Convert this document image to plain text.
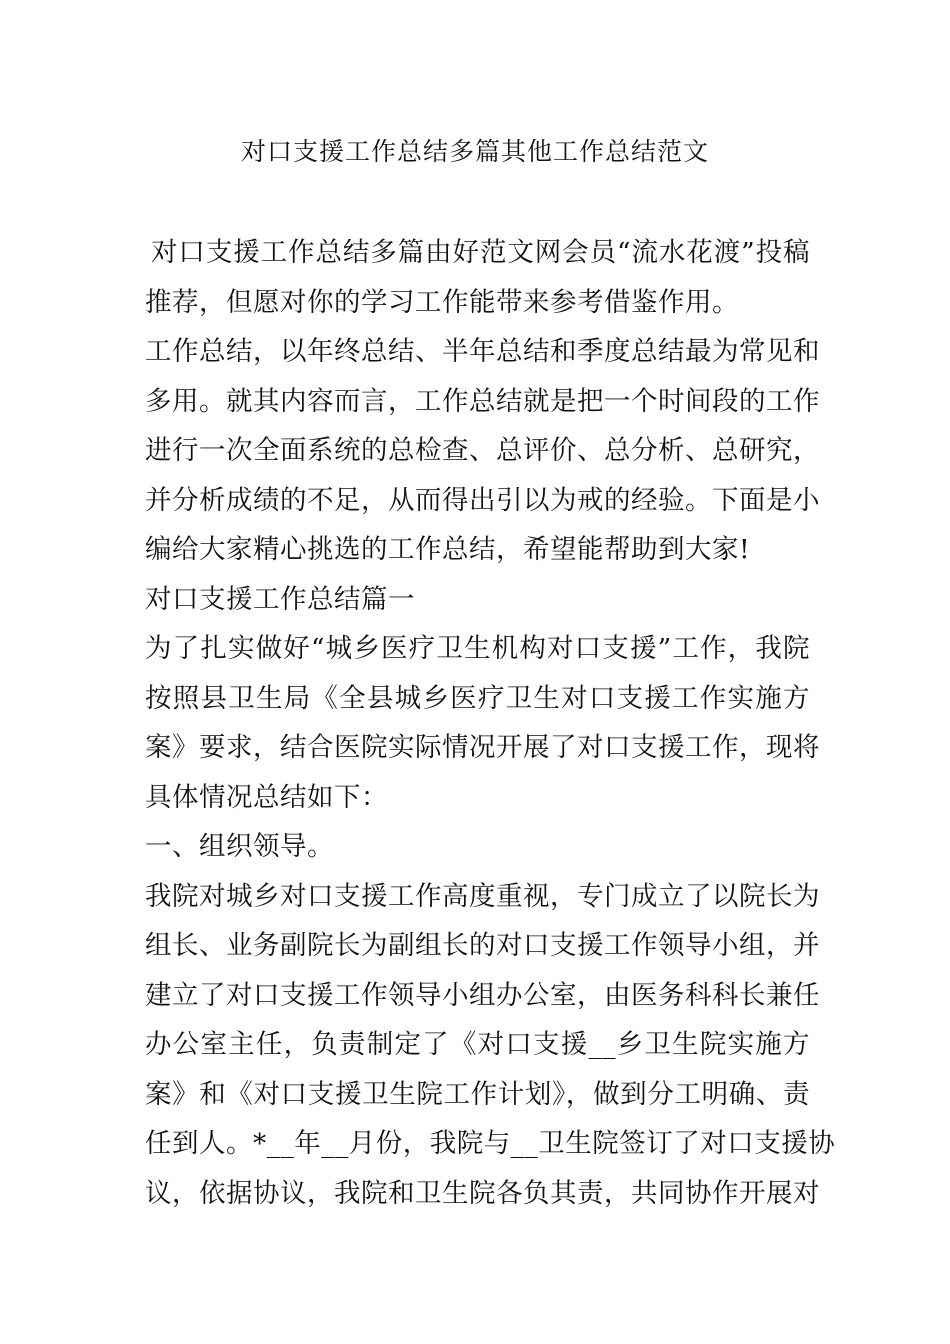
对口支援工作总结多篇其他工作总结范文
对口支援工作总结多篇由好范文网会员“流水花渡”投稿
推荐，但愿对你的学习工作能带来参考借鉴作用。
工作总结，以年终总结、半年总结和季度总结最为常见和
多用。就其内容而言，工作总结就是把一个时间段的工作
进行一次全面系统的总检查、总评价、总分析、总研究，
并分析成绩的不足，从而得出引以为戒的经验。下面是小
编给大家精心挑选的工作总结，希望能帮助到大家!
对口支援工作总结篇一
为了扎实做好“城乡医疗卫生机构对口支援”工作，我院
按照县卫生局《全县城乡医疗卫生对口支援工作实施方
案》要求，结合医院实际情况开展了对口支援工作，现将
具体情况总结如下：
一、组织领导。
我院对城乡对口支援工作高度重视，专门成立了以院长为
组长、业务副院长为副组长的对口支援工作领导小组，并
建立了对口支援工作领导小组办公室，由医务科科长兼任
办公室主任，负责制定了《对口支援__乡卫生院实施方
案》和《对口支援卫生院工作计划》，做到分工明确、责
任到人。*__年__月份，我院与__卫生院签订了对口支援协
议，依据协议，我院和卫生院各负其责，共同协作开展对
